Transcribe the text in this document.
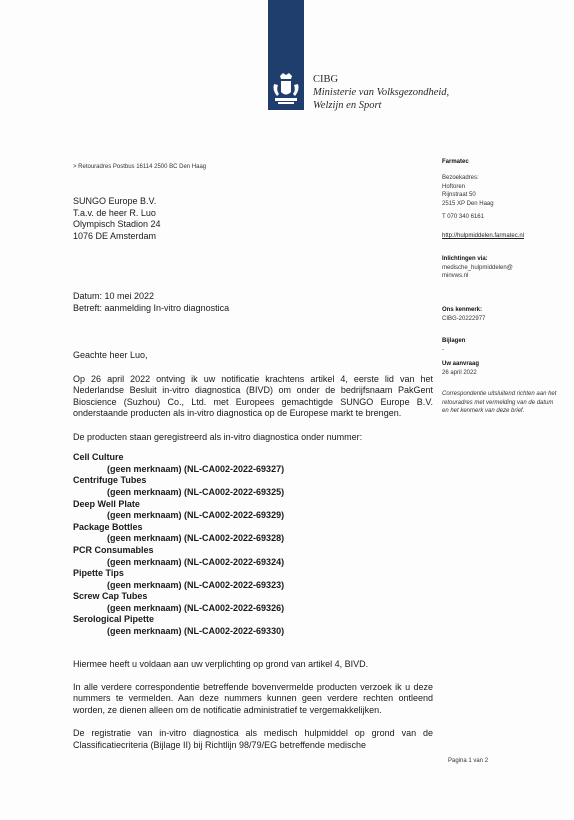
CIBG
Ministerie van Volksgezondheid, Welzijn en Sport
> Retouradres Postbus 16114 2500 BC Den Haag
SUNGO Europe B.V.
T.a.v. de heer R. Luo
Olympisch Stadion 24
1076 DE Amsterdam
Datum: 10 mei 2022
Betreft: aanmelding In-vitro diagnostica
Farmatec
Bezoekadres:
Hoftoren
Rijnstraat 50
2515 XP Den Haag
T 070 340 6161
http://hulpmiddelen.farmatec.nl
Inlichtingen via:
medische_hulpmiddelen@
minvws.nl
Ons kenmerk:
CIBG-20222977
Bijlagen
-
Uw aanvraag
26 april 2022
Correspondentie uitsluitend richten aan het retouradres met vermelding van de datum en het kenmerk van deze brief.

Geachte heer Luo,

Op 26 april 2022 ontving ik uw notificatie krachtens artikel 4, eerste lid van het Nederlandse Besluit in-vitro diagnostica (BIVD) om onder de bedrijfsnaam PakGent Bioscience (Suzhou) Co., Ltd. met Europees gemachtigde SUNGO Europe B.V. onderstaande producten als in-vitro diagnostica op de Europese markt te brengen.

De producten staan geregistreerd als in-vitro diagnostica onder nummer:

Cell Culture
(geen merknaam) (NL-CA002-2022-69327)
Centrifuge Tubes
(geen merknaam) (NL-CA002-2022-69325)
Deep Well Plate
(geen merknaam) (NL-CA002-2022-69329)
Package Bottles
(geen merknaam) (NL-CA002-2022-69328)
PCR Consumables
(geen merknaam) (NL-CA002-2022-69324)
Pipette Tips
(geen merknaam) (NL-CA002-2022-69323)
Screw Cap Tubes
(geen merknaam) (NL-CA002-2022-69326)
Serological Pipette
(geen merknaam) (NL-CA002-2022-69330)

Hiermee heeft u voldaan aan uw verplichting op grond van artikel 4, BIVD.

In alle verdere correspondentie betreffende bovenvermelde producten verzoek ik u deze nummers te vermelden. Aan deze nummers kunnen geen verdere rechten ontleend worden, ze dienen alleen om de notificatie administratief te vergemakkelijken.

De registratie van in-vitro diagnostica als medisch hulpmiddel op grond van de Classificatiecriteria (Bijlage II) bij Richtlijn 98/79/EG betreffende medische

Pagina 1 van 2
